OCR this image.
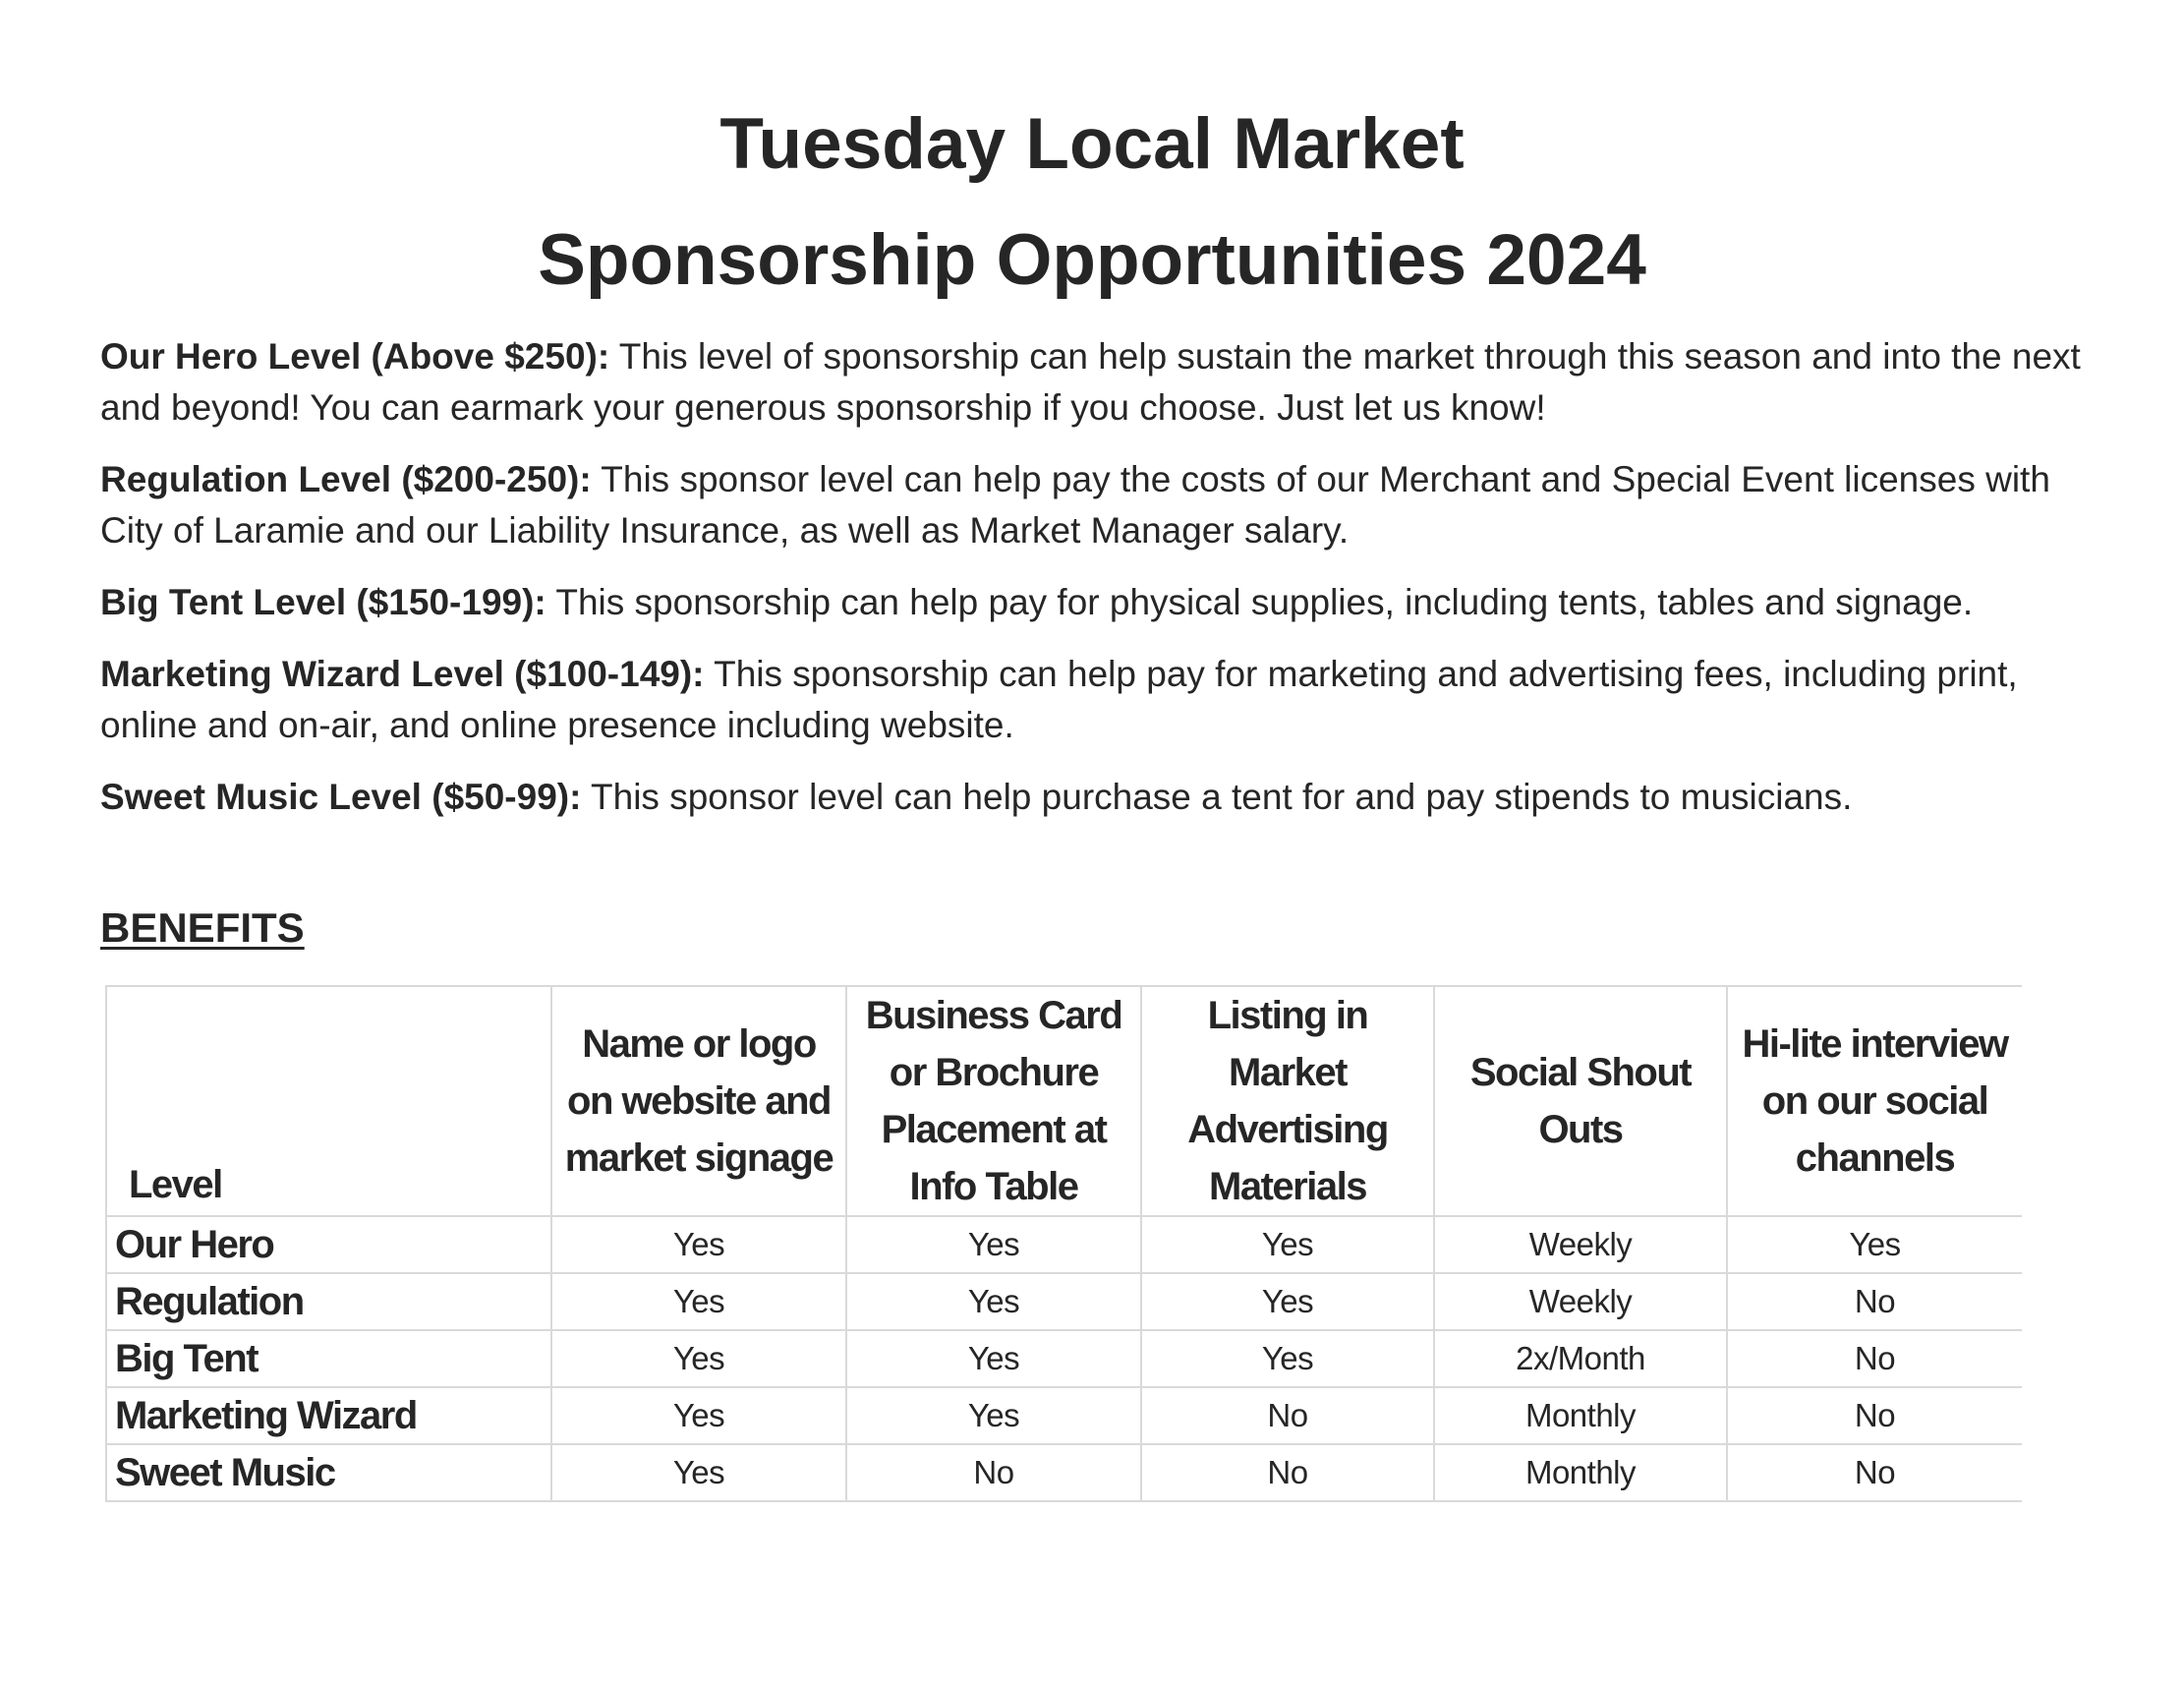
Tuesday Local Market
Sponsorship Opportunities 2024

Our Hero Level (Above $250): This level of sponsorship can help sustain the market through this season and into the next and beyond! You can earmark your generous sponsorship if you choose. Just let us know!

Regulation Level ($200-250): This sponsor level can help pay the costs of our Merchant and Special Event licenses with City of Laramie and our Liability Insurance, as well as Market Manager salary.

Big Tent Level ($150-199): This sponsorship can help pay for physical supplies, including tents, tables and signage.

Marketing Wizard Level ($100-149): This sponsorship can help pay for marketing and advertising fees, including print, online and on-air, and online presence including website.

Sweet Music Level ($50-99): This sponsor level can help purchase a tent for and pay stipends to musicians.

BENEFITS
Level	Name or logo on website and market signage	Business Card or Brochure Placement at Info Table	Listing in Market Advertising Materials	Social Shout Outs	Hi-lite interview on our social channels
Our Hero	Yes	Yes	Yes	Weekly	Yes
Regulation	Yes	Yes	Yes	Weekly	No
Big Tent	Yes	Yes	Yes	2x/Month	No
Marketing Wizard	Yes	Yes	No	Monthly	No
Sweet Music	Yes	No	No	Monthly	No
